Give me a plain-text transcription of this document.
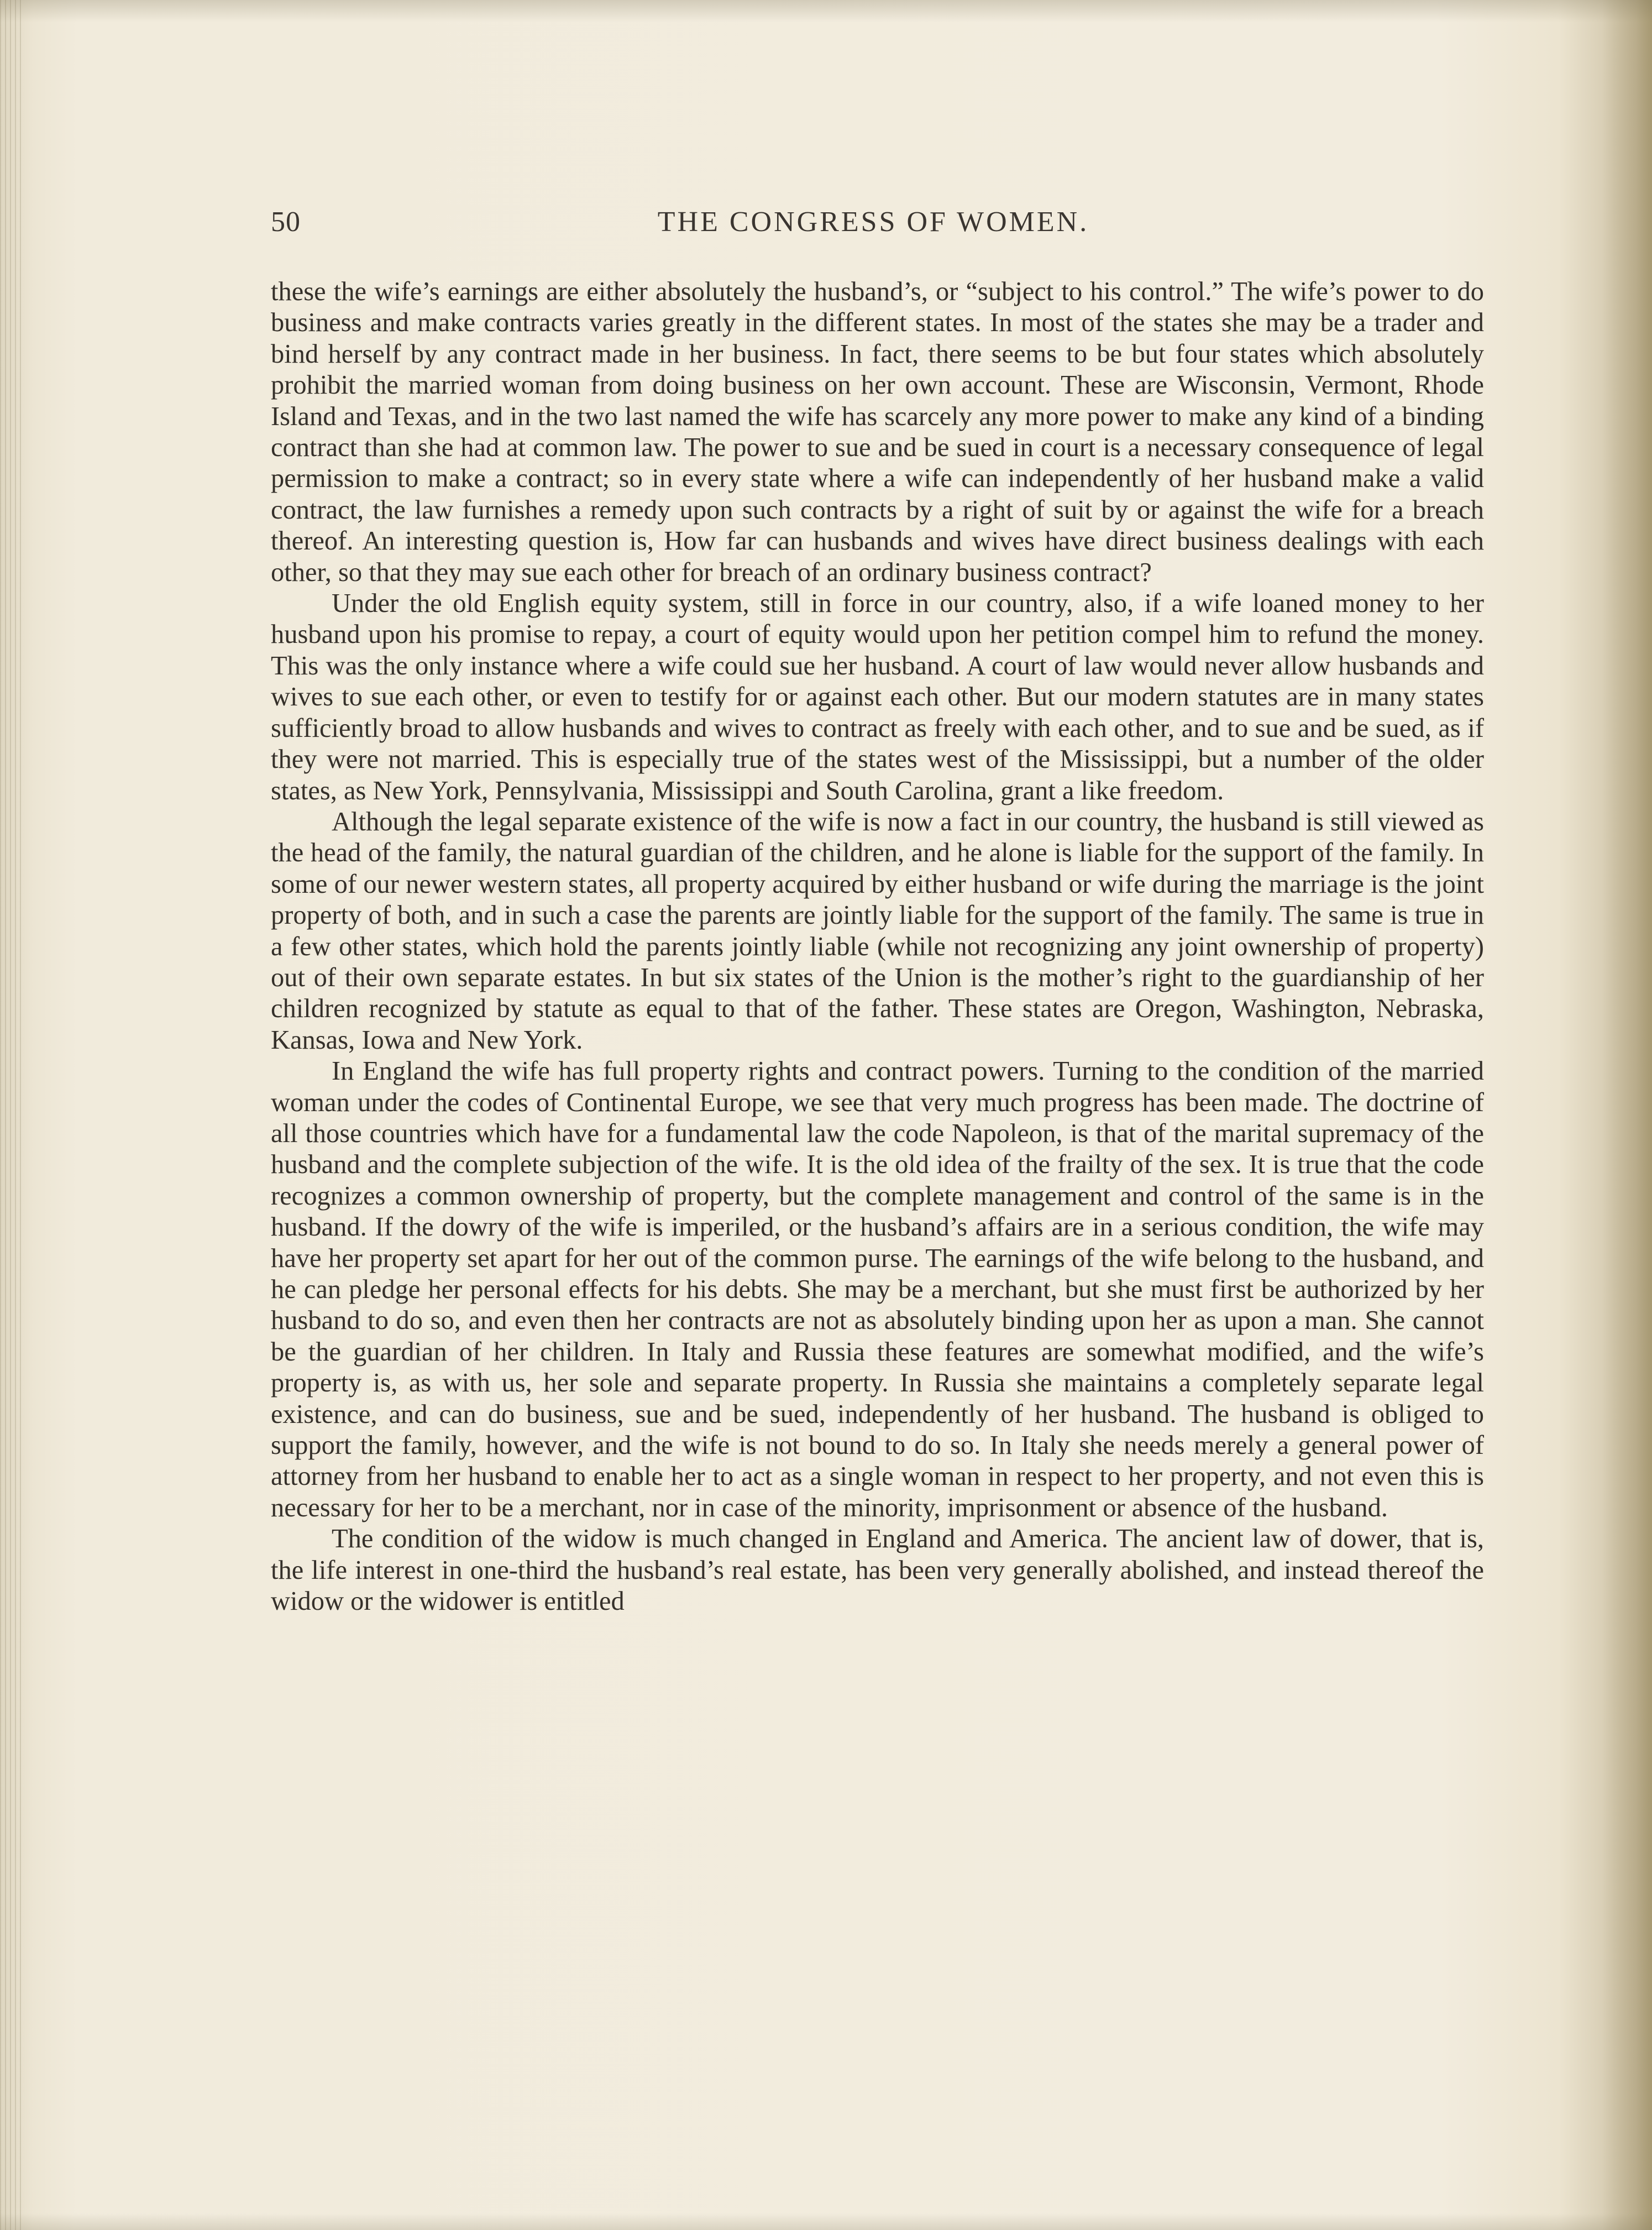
50	THE CONGRESS OF WOMEN.

these the wife’s earnings are either absolutely the husband’s, or “subject to his control.” The wife’s power to do business and make contracts varies greatly in the different states. In most of the states she may be a trader and bind herself by any contract made in her business. In fact, there seems to be but four states which absolutely prohibit the married woman from doing business on her own account. These are Wisconsin, Vermont, Rhode Island and Texas, and in the two last named the wife has scarcely any more power to make any kind of a binding contract than she had at common law. The power to sue and be sued in court is a necessary consequence of legal permission to make a contract; so in every state where a wife can independently of her husband make a valid contract, the law furnishes a remedy upon such contracts by a right of suit by or against the wife for a breach thereof. An interesting question is, How far can husbands and wives have direct business dealings with each other, so that they may sue each other for breach of an ordinary business contract?

Under the old English equity system, still in force in our country, also, if a wife loaned money to her husband upon his promise to repay, a court of equity would upon her petition compel him to refund the money. This was the only instance where a wife could sue her husband. A court of law would never allow husbands and wives to sue each other, or even to testify for or against each other. But our modern statutes are in many states sufficiently broad to allow husbands and wives to contract as freely with each other, and to sue and be sued, as if they were not married. This is especially true of the states west of the Mississippi, but a number of the older states, as New York, Pennsylvania, Mississippi and South Carolina, grant a like freedom.

Although the legal separate existence of the wife is now a fact in our country, the husband is still viewed as the head of the family, the natural guardian of the children, and he alone is liable for the support of the family. In some of our newer western states, all property acquired by either husband or wife during the marriage is the joint property of both, and in such a case the parents are jointly liable for the support of the family. The same is true in a few other states, which hold the parents jointly liable (while not recognizing any joint ownership of property) out of their own separate estates. In but six states of the Union is the mother’s right to the guardianship of her children recognized by statute as equal to that of the father. These states are Oregon, Washington, Nebraska, Kansas, Iowa and New York.

In England the wife has full property rights and contract powers. Turning to the condition of the married woman under the codes of Continental Europe, we see that very much progress has been made. The doctrine of all those countries which have for a fundamental law the code Napoleon, is that of the marital supremacy of the husband and the complete subjection of the wife. It is the old idea of the frailty of the sex. It is true that the code recognizes a common ownership of property, but the complete management and control of the same is in the husband. If the dowry of the wife is imperiled, or the husband’s affairs are in a serious condition, the wife may have her property set apart for her out of the common purse. The earnings of the wife belong to the husband, and he can pledge her personal effects for his debts. She may be a merchant, but she must first be authorized by her husband to do so, and even then her contracts are not as absolutely binding upon her as upon a man. She cannot be the guardian of her children. In Italy and Russia these features are somewhat modified, and the wife’s property is, as with us, her sole and separate property. In Russia she maintains a completely separate legal existence, and can do business, sue and be sued, independently of her husband. The husband is obliged to support the family, however, and the wife is not bound to do so. In Italy she needs merely a general power of attorney from her husband to enable her to act as a single woman in respect to her property, and not even this is necessary for her to be a merchant, nor in case of the minority, imprisonment or absence of the husband.

The condition of the widow is much changed in England and America. The ancient law of dower, that is, the life interest in one-third the husband’s real estate, has been very generally abolished, and instead thereof the widow or the widower is entitled
